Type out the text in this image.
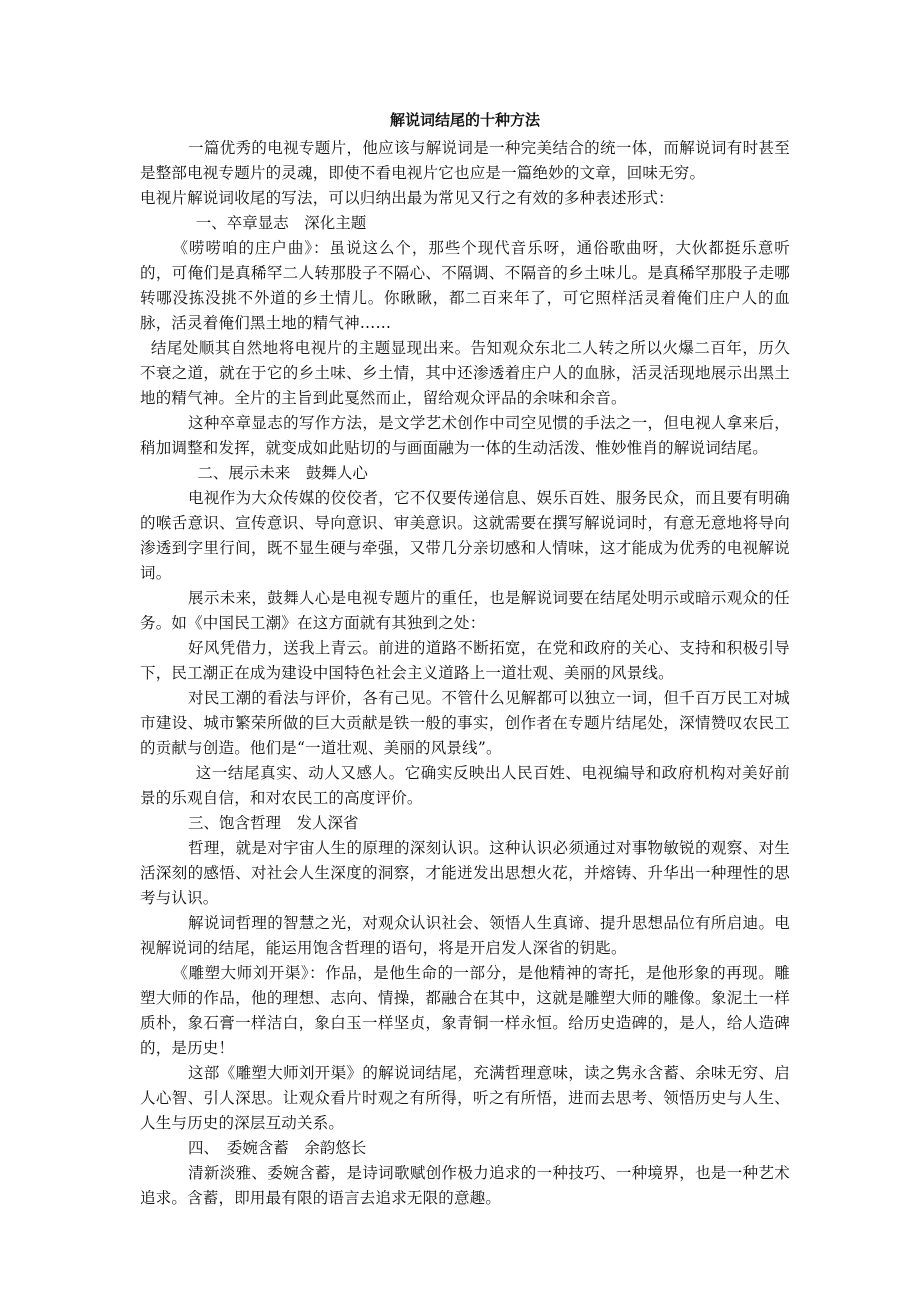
解说词结尾的十种方法

一篇优秀的电视专题片，他应该与解说词是一种完美结合的统一体，而解说词有时甚至是整部电视专题片的灵魂，即使不看电视片它也应是一篇绝妙的文章，回味无穷。

电视片解说词收尾的写法，可以归纳出最为常见又行之有效的多种表述形式：

一、卒章显志　深化主题

《唠唠咱的庄户曲》：虽说这么个，那些个现代音乐呀，通俗歌曲呀，大伙都挺乐意听的，可俺们是真稀罕二人转那股子不隔心、不隔调、不隔音的乡土味儿。是真稀罕那股子走哪转哪没拣没挑不外道的乡土情儿。你瞅瞅，都二百来年了，可它照样活灵着俺们庄户人的血脉，活灵着俺们黑土地的精气神……

结尾处顺其自然地将电视片的主题显现出来。告知观众东北二人转之所以火爆二百年，历久不衰之道，就在于它的乡土味、乡土情，其中还渗透着庄户人的血脉，活灵活现地展示出黑土地的精气神。全片的主旨到此戛然而止，留给观众评品的余味和余音。

这种卒章显志的写作方法，是文学艺术创作中司空见惯的手法之一，但电视人拿来后，稍加调整和发挥，就变成如此贴切的与画面融为一体的生动活泼、惟妙惟肖的解说词结尾。

二、展示未来　鼓舞人心

电视作为大众传媒的佼佼者，它不仅要传递信息、娱乐百姓、服务民众，而且要有明确的喉舌意识、宣传意识、导向意识、审美意识。这就需要在撰写解说词时，有意无意地将导向渗透到字里行间，既不显生硬与牵强，又带几分亲切感和人情味，这才能成为优秀的电视解说词。

展示未来，鼓舞人心是电视专题片的重任，也是解说词要在结尾处明示或暗示观众的任务。如《中国民工潮》在这方面就有其独到之处：

好风凭借力，送我上青云。前进的道路不断拓宽，在党和政府的关心、支持和积极引导下，民工潮正在成为建设中国特色社会主义道路上一道壮观、美丽的风景线。

对民工潮的看法与评价，各有己见。不管什么见解都可以独立一词，但千百万民工对城市建设、城市繁荣所做的巨大贡献是铁一般的事实，创作者在专题片结尾处，深情赞叹农民工的贡献与创造。他们是“一道壮观、美丽的风景线”。

这一结尾真实、动人又感人。它确实反映出人民百姓、电视编导和政府机构对美好前景的乐观自信，和对农民工的高度评价。

三、饱含哲理　发人深省

哲理，就是对宇宙人生的原理的深刻认识。这种认识必须通过对事物敏锐的观察、对生活深刻的感悟、对社会人生深度的洞察，才能迸发出思想火花，并熔铸、升华出一种理性的思考与认识。

解说词哲理的智慧之光，对观众认识社会、领悟人生真谛、提升思想品位有所启迪。电视解说词的结尾，能运用饱含哲理的语句，将是开启发人深省的钥匙。

《雕塑大师刘开渠》：作品，是他生命的一部分，是他精神的寄托，是他形象的再现。雕塑大师的作品，他的理想、志向、情操，都融合在其中，这就是雕塑大师的雕像。象泥土一样质朴，象石膏一样洁白，象白玉一样坚贞，象青铜一样永恒。给历史造碑的，是人，给人造碑的，是历史！

这部《雕塑大师刘开渠》的解说词结尾，充满哲理意味，读之隽永含蓄、余味无穷、启人心智、引人深思。让观众看片时观之有所得，听之有所悟，进而去思考、领悟历史与人生、人生与历史的深层互动关系。

四、　委婉含蓄　余韵悠长

清新淡雅、委婉含蓄，是诗词歌赋创作极力追求的一种技巧、一种境界，也是一种艺术追求。含蓄，即用最有限的语言去追求无限的意趣。
